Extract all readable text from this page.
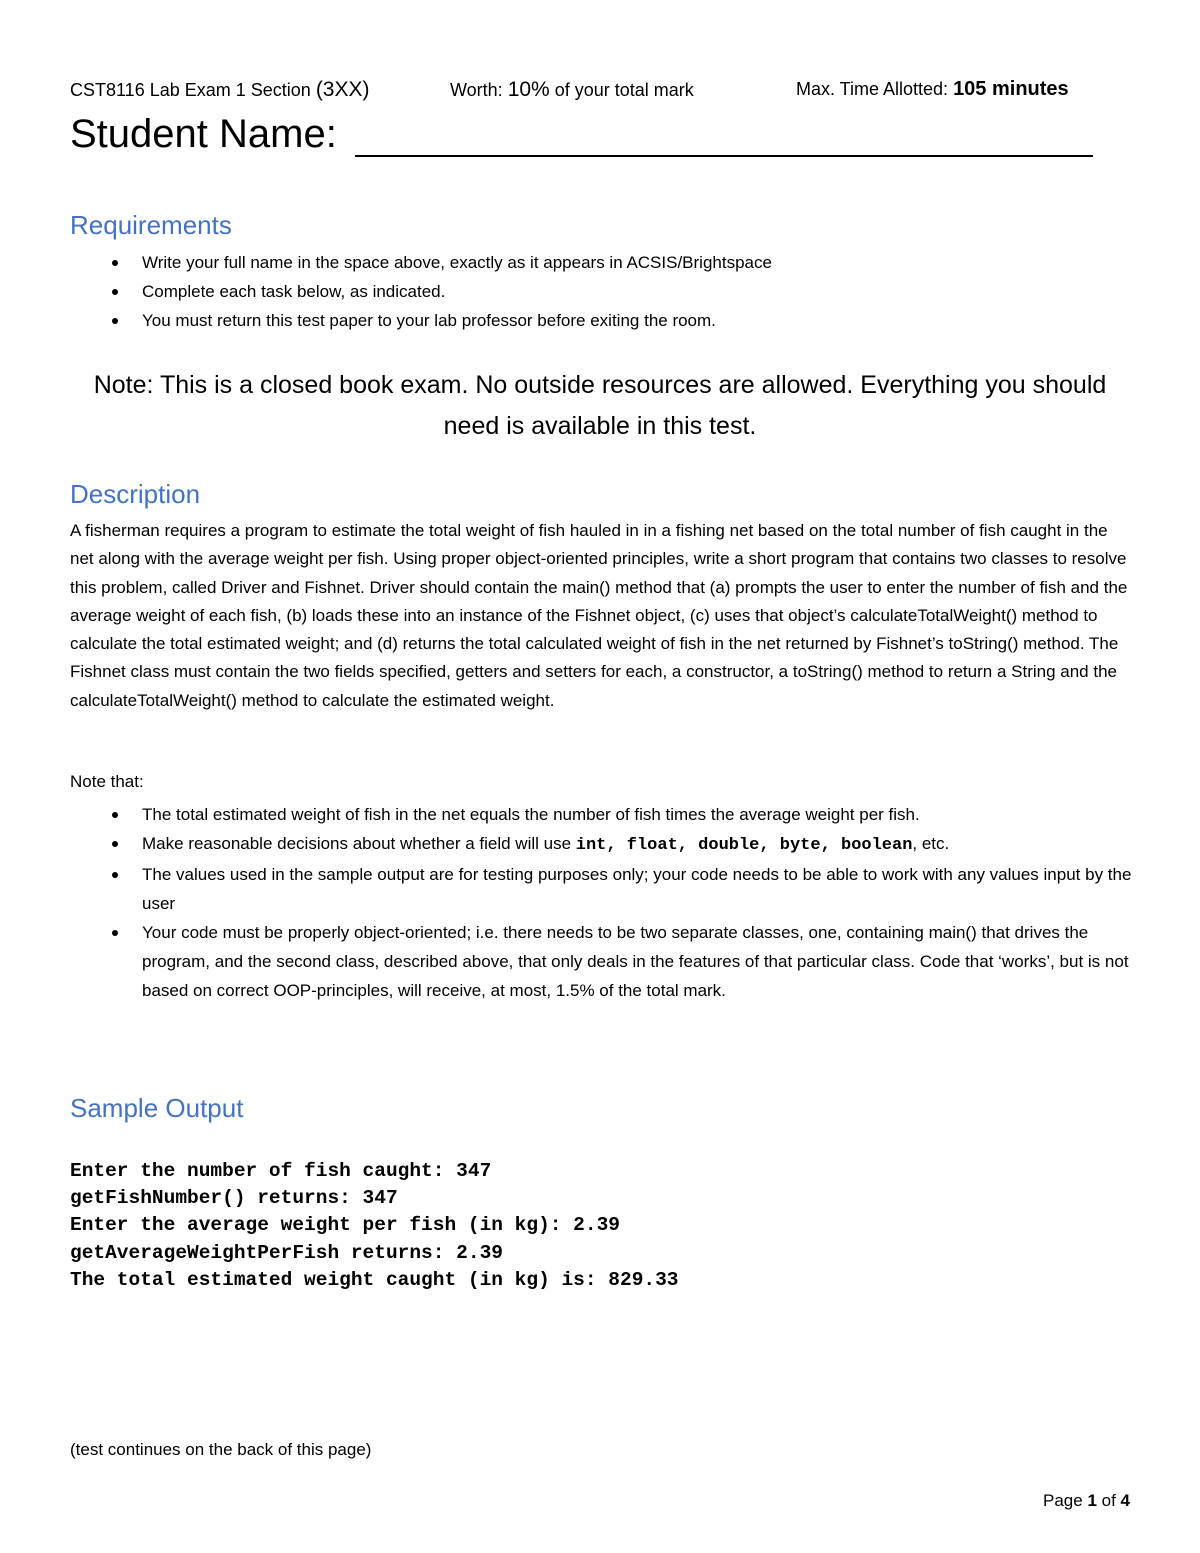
CST8116 Lab Exam 1 Section (3XX)	Worth: 10% of your total mark	Max. Time Allotted: 105 minutes
Student Name:
Requirements
Write your full name in the space above, exactly as it appears in ACSIS/Brightspace
Complete each task below, as indicated.
You must return this test paper to your lab professor before exiting the room.
Note: This is a closed book exam. No outside resources are allowed. Everything you should need is available in this test.
Description
A fisherman requires a program to estimate the total weight of fish hauled in in a fishing net based on the total number of fish caught in the net along with the average weight per fish. Using proper object-oriented principles, write a short program that contains two classes to resolve this problem, called Driver and Fishnet. Driver should contain the main() method that (a) prompts the user to enter the number of fish and the average weight of each fish, (b) loads these into an instance of the Fishnet object, (c) uses that object’s calculateTotalWeight() method to calculate the total estimated weight; and (d) returns the total calculated weight of fish in the net returned by Fishnet’s toString() method. The Fishnet class must contain the two fields specified, getters and setters for each, a constructor, a toString() method to return a String and the calculateTotalWeight() method to calculate the estimated weight.
Note that:
The total estimated weight of fish in the net equals the number of fish times the average weight per fish.
Make reasonable decisions about whether a field will use int, float, double, byte, boolean, etc.
The values used in the sample output are for testing purposes only; your code needs to be able to work with any values input by the user
Your code must be properly object-oriented; i.e. there needs to be two separate classes, one, containing main() that drives the program, and the second class, described above, that only deals in the features of that particular class. Code that ‘works’, but is not based on correct OOP-principles, will receive, at most, 1.5% of the total mark.
Sample Output
Enter the number of fish caught: 347
getFishNumber() returns: 347
Enter the average weight per fish (in kg): 2.39
getAverageWeightPerFish returns: 2.39
The total estimated weight caught (in kg) is: 829.33
(test continues on the back of this page)
Page 1 of 4
